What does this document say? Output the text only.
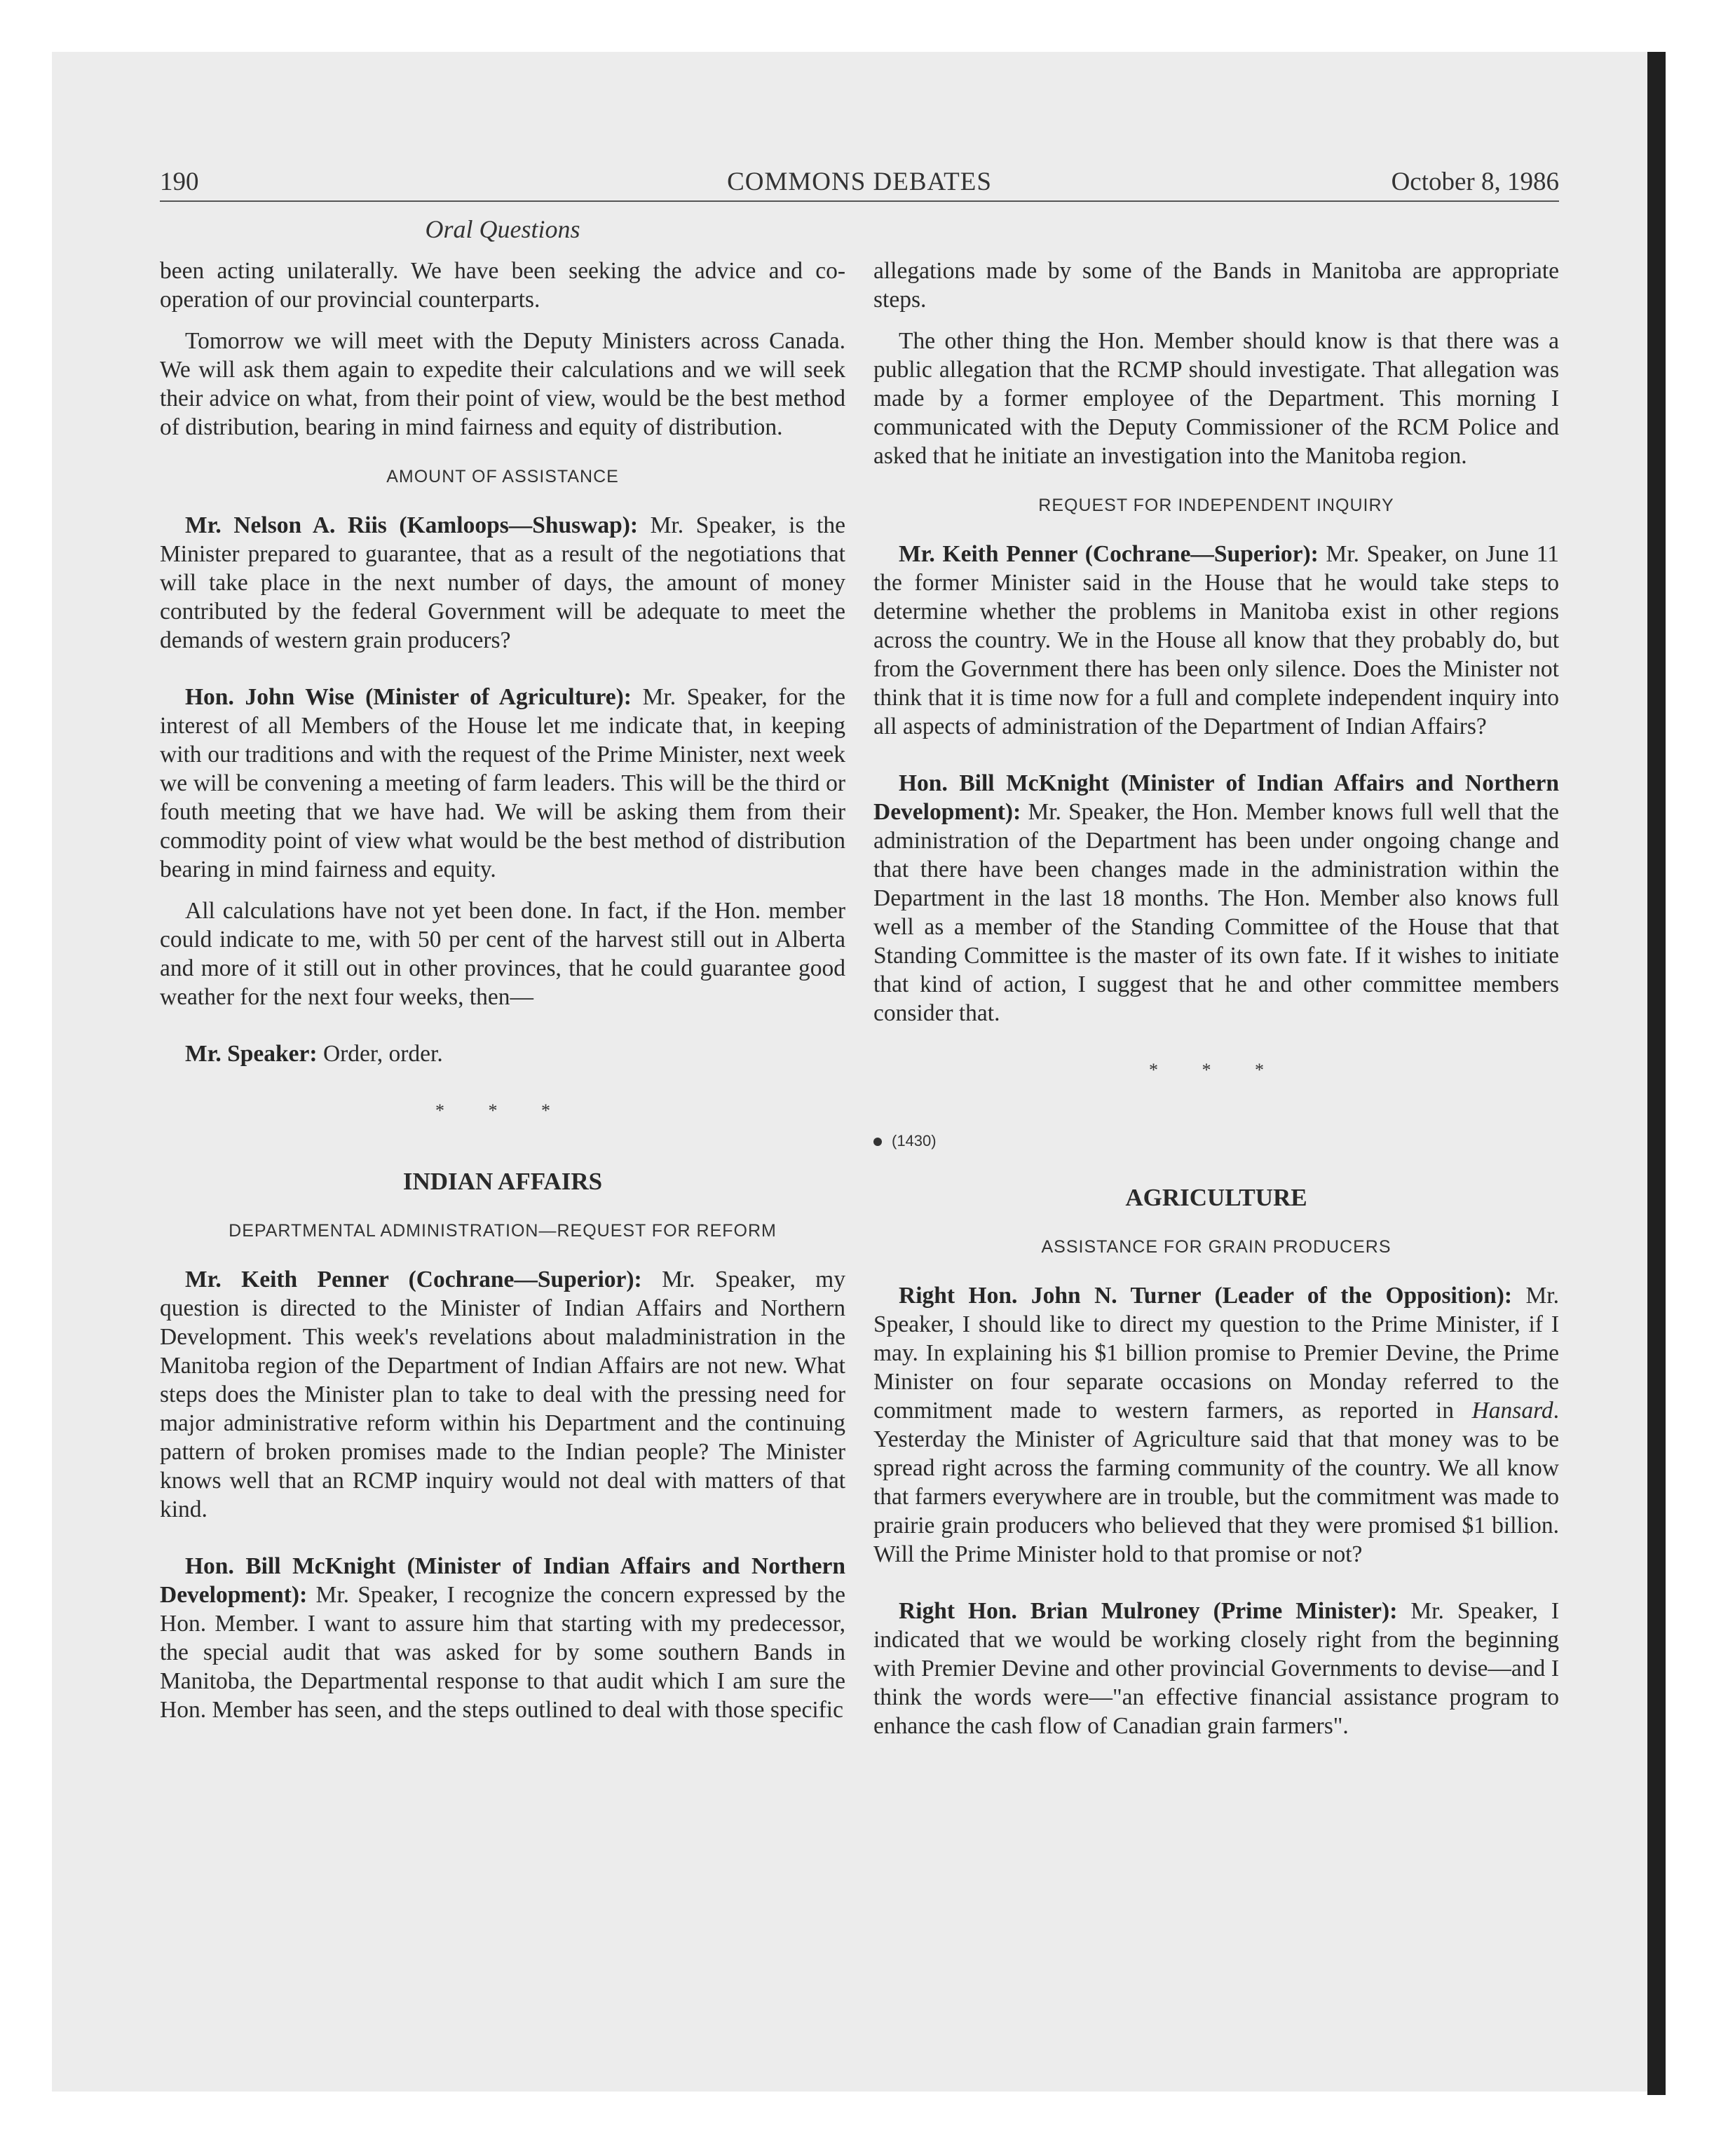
190	COMMONS DEBATES	October 8, 1986
Oral Questions

been acting unilaterally. We have been seeking the advice and co-operation of our provincial counterparts.

Tomorrow we will meet with the Deputy Ministers across Canada. We will ask them again to expedite their calculations and we will seek their advice on what, from their point of view, would be the best method of distribution, bearing in mind fairness and equity of distribution.

AMOUNT OF ASSISTANCE

Mr. Nelson A. Riis (Kamloops—Shuswap): Mr. Speaker, is the Minister prepared to guarantee, that as a result of the negotiations that will take place in the next number of days, the amount of money contributed by the federal Government will be adequate to meet the demands of western grain producers?

Hon. John Wise (Minister of Agriculture): Mr. Speaker, for the interest of all Members of the House let me indicate that, in keeping with our traditions and with the request of the Prime Minister, next week we will be convening a meeting of farm leaders. This will be the third or fouth meeting that we have had. We will be asking them from their commodity point of view what would be the best method of distribution bearing in mind fairness and equity.

All calculations have not yet been done. In fact, if the Hon. member could indicate to me, with 50 per cent of the harvest still out in Alberta and more of it still out in other provinces, that he could guarantee good weather for the next four weeks, then—

Mr. Speaker: Order, order.

* * *
INDIAN AFFAIRS
DEPARTMENTAL ADMINISTRATION—REQUEST FOR REFORM

Mr. Keith Penner (Cochrane—Superior): Mr. Speaker, my question is directed to the Minister of Indian Affairs and Northern Development. This week's revelations about maladministration in the Manitoba region of the Department of Indian Affairs are not new. What steps does the Minister plan to take to deal with the pressing need for major administrative reform within his Department and the continuing pattern of broken promises made to the Indian people? The Minister knows well that an RCMP inquiry would not deal with matters of that kind.

Hon. Bill McKnight (Minister of Indian Affairs and Northern Development): Mr. Speaker, I recognize the concern expressed by the Hon. Member. I want to assure him that starting with my predecessor, the special audit that was asked for by some southern Bands in Manitoba, the Departmental response to that audit which I am sure the Hon. Member has seen, and the steps outlined to deal with those specific

allegations made by some of the Bands in Manitoba are appropriate steps.

The other thing the Hon. Member should know is that there was a public allegation that the RCMP should investigate. That allegation was made by a former employee of the Department. This morning I communicated with the Deputy Commissioner of the RCM Police and asked that he initiate an investigation into the Manitoba region.

REQUEST FOR INDEPENDENT INQUIRY

Mr. Keith Penner (Cochrane—Superior): Mr. Speaker, on June 11 the former Minister said in the House that he would take steps to determine whether the problems in Manitoba exist in other regions across the country. We in the House all know that they probably do, but from the Government there has been only silence. Does the Minister not think that it is time now for a full and complete independent inquiry into all aspects of administration of the Department of Indian Affairs?

Hon. Bill McKnight (Minister of Indian Affairs and Northern Development): Mr. Speaker, the Hon. Member knows full well that the administration of the Department has been under ongoing change and that there have been changes made in the administration within the Department in the last 18 months. The Hon. Member also knows full well as a member of the Standing Committee of the House that that Standing Committee is the master of its own fate. If it wishes to initiate that kind of action, I suggest that he and other committee members consider that.

* * *
(1430)
AGRICULTURE
ASSISTANCE FOR GRAIN PRODUCERS

Right Hon. John N. Turner (Leader of the Opposition): Mr. Speaker, I should like to direct my question to the Prime Minister, if I may. In explaining his $1 billion promise to Premier Devine, the Prime Minister on four separate occasions on Monday referred to the commitment made to western farmers, as reported in Hansard. Yesterday the Minister of Agriculture said that that money was to be spread right across the farming community of the country. We all know that farmers everywhere are in trouble, but the commitment was made to prairie grain producers who believed that they were promised $1 billion. Will the Prime Minister hold to that promise or not?

Right Hon. Brian Mulroney (Prime Minister): Mr. Speaker, I indicated that we would be working closely right from the beginning with Premier Devine and other provincial Governments to devise—and I think the words were—"an effective financial assistance program to enhance the cash flow of Canadian grain farmers".
